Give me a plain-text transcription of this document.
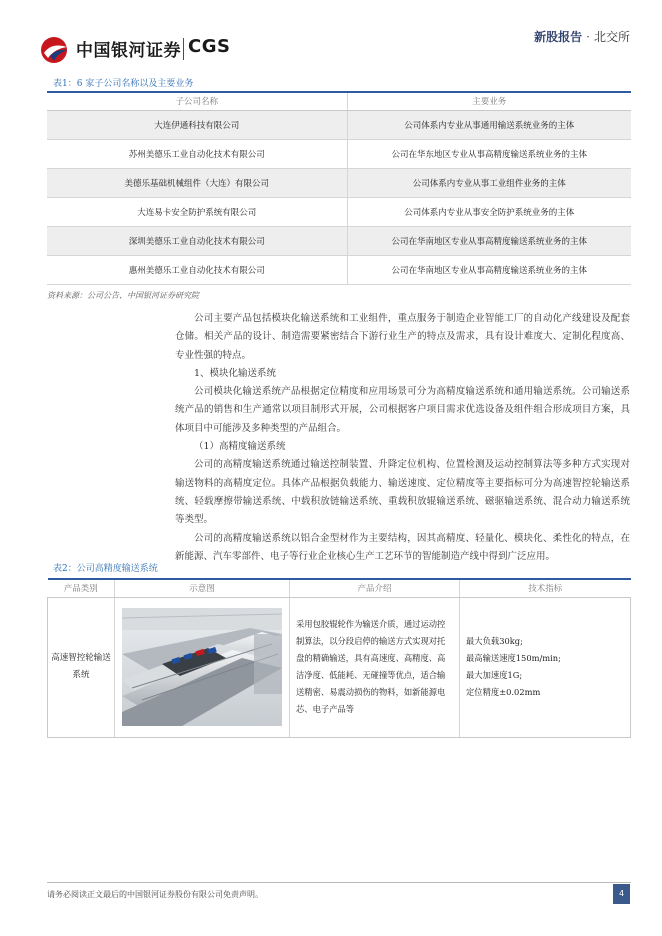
中国银河证券 CGS	新股报告 · 北交所
表1：6 家子公司名称以及主要业务
子公司名称	主要业务
大连伊通科技有限公司	公司体系内专业从事通用输送系统业务的主体
苏州美德乐工业自动化技术有限公司	公司在华东地区专业从事高精度输送系统业务的主体
美德乐基础机械组件（大连）有限公司	公司体系内专业从事工业组件业务的主体
大连易卡安全防护系统有限公司	公司体系内专业从事安全防护系统业务的主体
深圳美德乐工业自动化技术有限公司	公司在华南地区专业从事高精度输送系统业务的主体
惠州美德乐工业自动化技术有限公司	公司在华南地区专业从事高精度输送系统业务的主体
资料来源：公司公告、中国银河证券研究院

公司主要产品包括模块化输送系统和工业组件，重点服务于制造企业智能工厂的自动化产线建设及配套仓储。相关产品的设计、制造需要紧密结合下游行业生产的特点及需求，具有设计难度大、定制化程度高、专业性强的特点。

1、模块化输送系统

公司模块化输送系统产品根据定位精度和应用场景可分为高精度输送系统和通用输送系统。公司输送系统产品的销售和生产通常以项目制形式开展，公司根据客户项目需求优选设备及组件组合形成项目方案，具体项目中可能涉及多种类型的产品组合。

（1）高精度输送系统

公司的高精度输送系统通过输送控制装置、升降定位机构、位置检测及运动控制算法等多种方式实现对输送物料的高精度定位。具体产品根据负载能力、输送速度、定位精度等主要指标可分为高速智控轮输送系统、轻载摩擦带输送系统、中载积放链输送系统、重载积放辊输送系统、磁驱输送系统、混合动力输送系统等类型。

公司的高精度输送系统以铝合金型材作为主要结构，因其高精度、轻量化、模块化、柔性化的特点，在新能源、汽车零部件、电子等行业企业核心生产工艺环节的智能制造产线中得到广泛应用。

表2：公司高精度输送系统
产品类别	示意图	产品介绍	技术指标
高速智控轮输送系统		采用包胶辊轮作为输送介质，通过运动控制算法，以分段启停的输送方式实现对托盘的精确输送，具有高速度、高精度、高洁净度、低能耗、无碰撞等优点，适合输送精密、易震动损伤的物料，如新能源电芯、电子产品等	最大负载30kg;
最高输送速度150m/min;
最大加速度1G;
定位精度±0.02mm
请务必阅读正文最后的中国银河证券股份有限公司免责声明。	4
